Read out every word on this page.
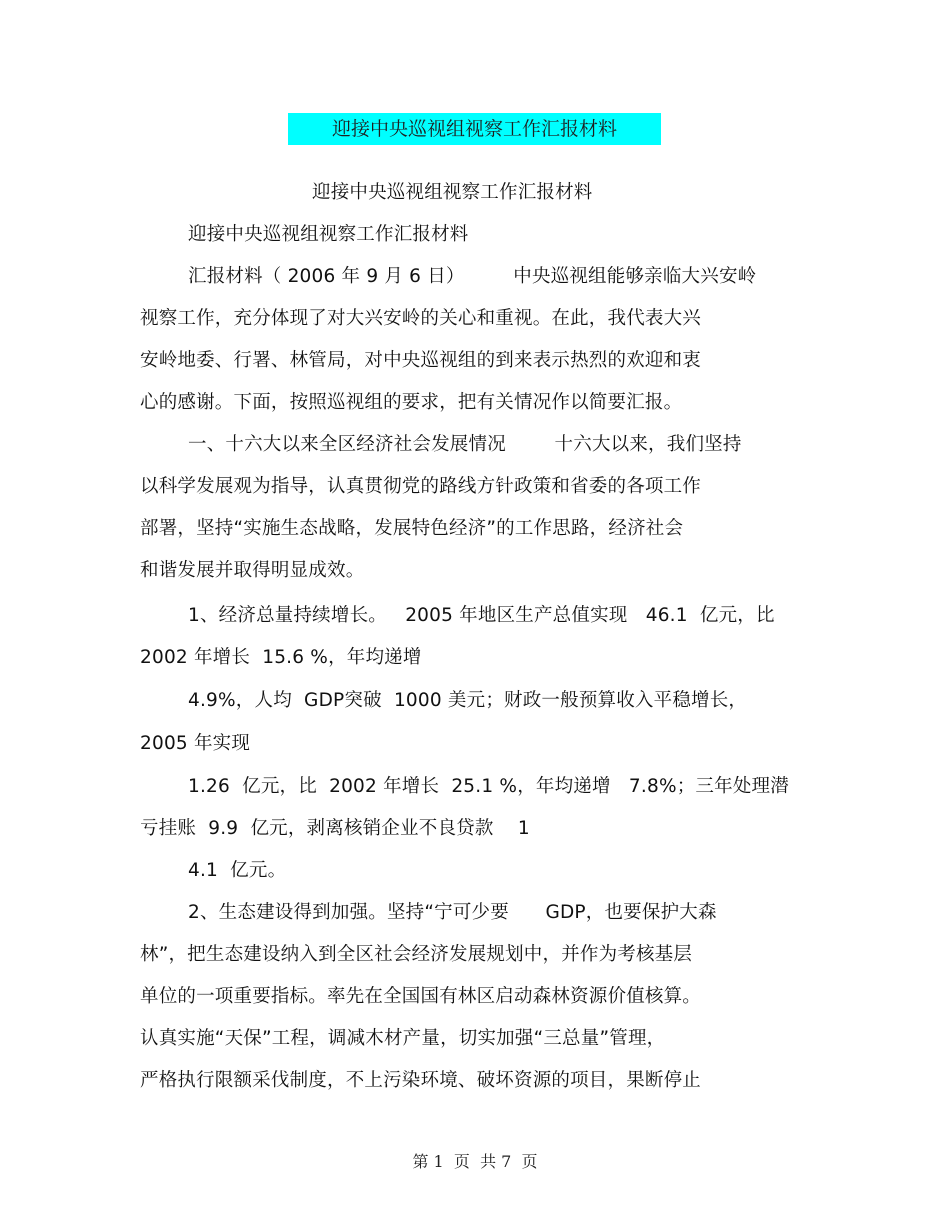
迎接中央巡视组视察工作汇报材料
迎接中央巡视组视察工作汇报材料
迎接中央巡视组视察工作汇报材料
汇报材料（ 2006 年 9 月 6 日）        中央巡视组能够亲临大兴安岭
视察工作，充分体现了对大兴安岭的关心和重视。在此，我代表大兴
安岭地委、行署、林管局，对中央巡视组的到来表示热烈的欢迎和衷
心的感谢。下面，按照巡视组的要求，把有关情况作以简要汇报。
一、十六大以来全区经济社会发展情况        十六大以来，我们坚持
以科学发展观为指导，认真贯彻党的路线方针政策和省委的各项工作
部署，坚持“实施生态战略，发展特色经济”的工作思路，经济社会
和谐发展并取得明显成效。
1、经济总量持续增长。   2005 年地区生产总值实现   46.1  亿元，比
2002 年增长  15.6 %，年均递增
4.9%，人均  GDP突破  1000 美元；财政一般预算收入平稳增长，
2005 年实现
1.26  亿元，比  2002 年增长  25.1 %，年均递增   7.8%；三年处理潜
亏挂账  9.9  亿元，剥离核销企业不良贷款    1
4.1  亿元。
2、生态建设得到加强。坚持“宁可少要      GDP，也要保护大森
林”，把生态建设纳入到全区社会经济发展规划中，并作为考核基层
单位的一项重要指标。率先在全国国有林区启动森林资源价值核算。
认真实施“天保”工程，调减木材产量，切实加强“三总量”管理，
严格执行限额采伐制度，不上污染环境、破坏资源的项目，果断停止
第 1  页  共 7  页
